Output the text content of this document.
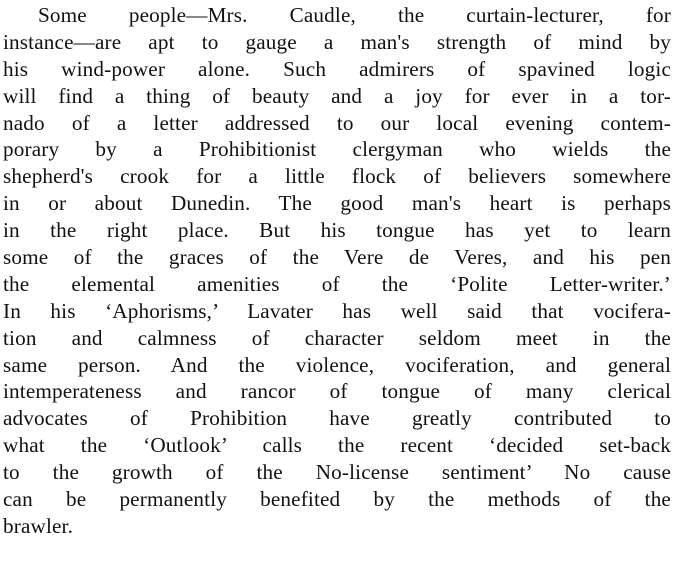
Some people—Mrs. Caudle, the curtain-lecturer, for
instance—are apt to gauge a man's strength of mind by
his wind-power alone. Such admirers of spavined logic
will find a thing of beauty and a joy for ever in a tor-
nado of a letter addressed to our local evening contem-
porary by a Prohibitionist clergyman who wields the
shepherd's crook for a little flock of believers somewhere
in or about Dunedin. The good man's heart is perhaps
in the right place. But his tongue has yet to learn
some of the graces of the Vere de Veres, and his pen
the elemental amenities of the ‘Polite Letter-writer.’
In his ‘Aphorisms,’ Lavater has well said that vocifera-
tion and calmness of character seldom meet in the
same person. And the violence, vociferation, and general
intemperateness and rancor of tongue of many clerical
advocates of Prohibition have greatly contributed to
what the ‘Outlook’ calls the recent ‘decided set-back
to the growth of the No-license sentiment’ No cause
can be permanently benefited by the methods of the
brawler.
